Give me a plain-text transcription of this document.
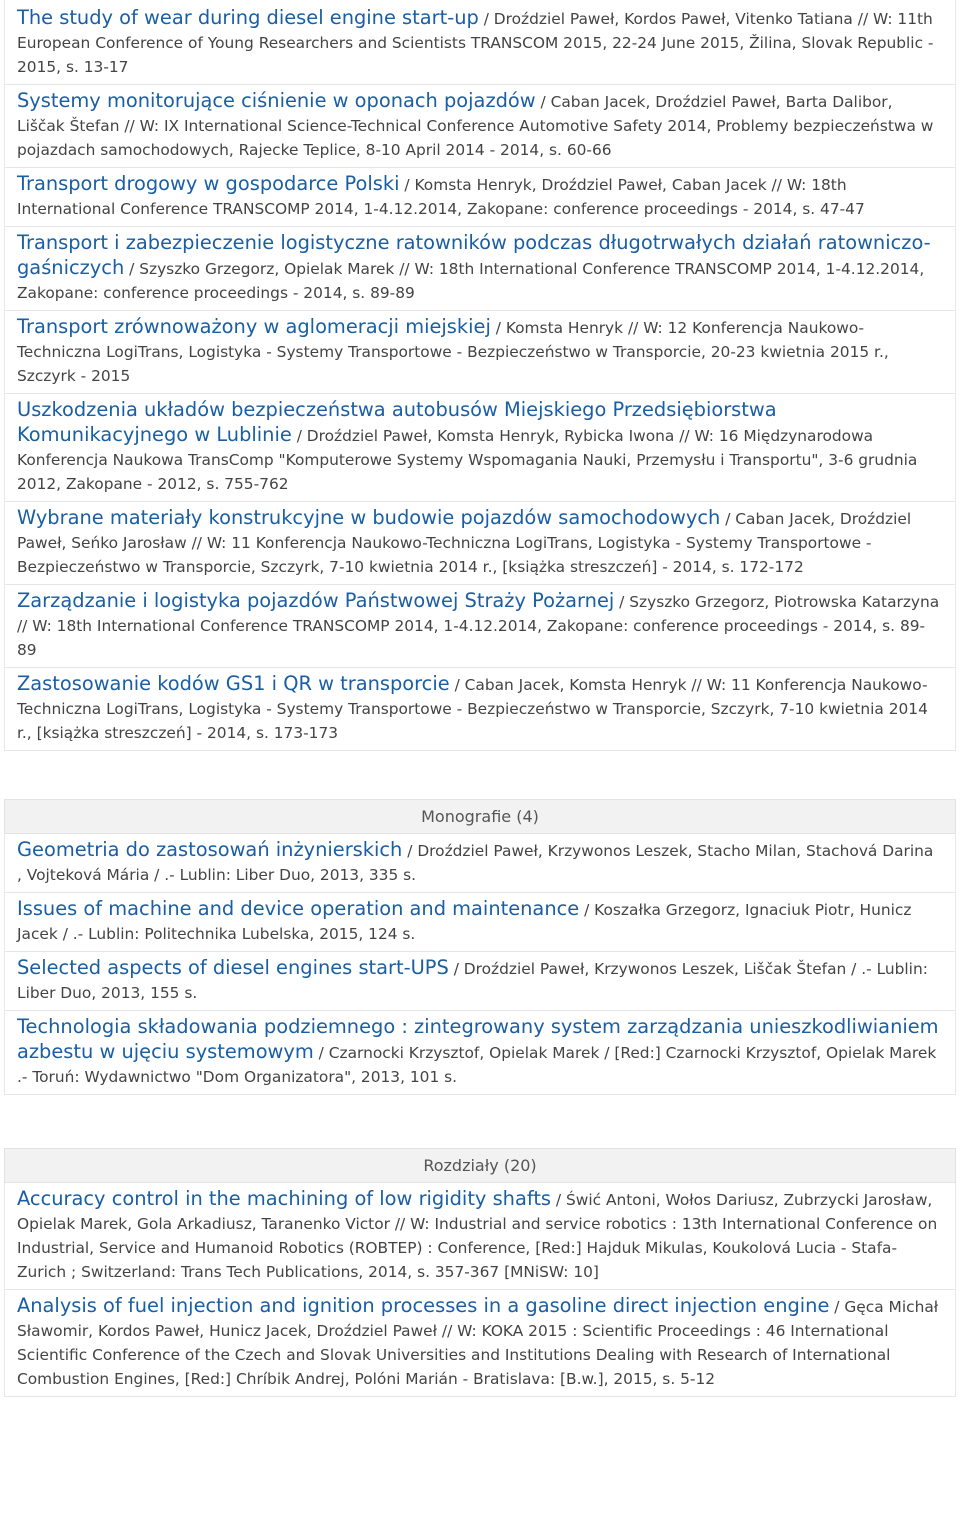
The study of wear during diesel engine start-up / Droździel Paweł, Kordos Paweł, Vitenko Tatiana // W: 11th European Conference of Young Researchers and Scientists TRANSCOM 2015, 22-24 June 2015, Žilina, Slovak Republic - 2015, s. 13-17
Systemy monitorujące ciśnienie w oponach pojazdów / Caban Jacek, Droździel Paweł, Barta Dalibor, Liščak Štefan // W: IX International Science-Technical Conference Automotive Safety 2014, Problemy bezpieczeństwa w pojazdach samochodowych, Rajecke Teplice, 8-10 April 2014 - 2014, s. 60-66
Transport drogowy w gospodarce Polski / Komsta Henryk, Droździel Paweł, Caban Jacek // W: 18th International Conference TRANSCOMP 2014, 1-4.12.2014, Zakopane: conference proceedings - 2014, s. 47-47
Transport i zabezpieczenie logistyczne ratowników podczas długotrwałych działań ratowniczo-gaśniczych / Szyszko Grzegorz, Opielak Marek // W: 18th International Conference TRANSCOMP 2014, 1-4.12.2014, Zakopane: conference proceedings - 2014, s. 89-89
Transport zrównoważony w aglomeracji miejskiej / Komsta Henryk // W: 12 Konferencja Naukowo-Techniczna LogiTrans, Logistyka - Systemy Transportowe - Bezpieczeństwo w Transporcie, 20-23 kwietnia 2015 r., Szczyrk - 2015
Uszkodzenia układów bezpieczeństwa autobusów Miejskiego Przedsiębiorstwa Komunikacyjnego w Lublinie / Droździel Paweł, Komsta Henryk, Rybicka Iwona // W: 16 Międzynarodowa Konferencja Naukowa TransComp "Komputerowe Systemy Wspomagania Nauki, Przemysłu i Transportu", 3-6 grudnia 2012, Zakopane - 2012, s. 755-762
Wybrane materiały konstrukcyjne w budowie pojazdów samochodowych / Caban Jacek, Droździel Paweł, Seńko Jarosław // W: 11 Konferencja Naukowo-Techniczna LogiTrans, Logistyka - Systemy Transportowe - Bezpieczeństwo w Transporcie, Szczyrk, 7-10 kwietnia 2014 r., [książka streszczeń] - 2014, s. 172-172
Zarządzanie i logistyka pojazdów Państwowej Straży Pożarnej / Szyszko Grzegorz, Piotrowska Katarzyna // W: 18th International Conference TRANSCOMP 2014, 1-4.12.2014, Zakopane: conference proceedings - 2014, s. 89-89
Zastosowanie kodów GS1 i QR w transporcie / Caban Jacek, Komsta Henryk // W: 11 Konferencja Naukowo-Techniczna LogiTrans, Logistyka - Systemy Transportowe - Bezpieczeństwo w Transporcie, Szczyrk, 7-10 kwietnia 2014 r., [książka streszczeń] - 2014, s. 173-173
Monografie (4)
Geometria do zastosowań inżynierskich / Droździel Paweł, Krzywonos Leszek, Stacho Milan, Stachová Darina , Vojteková Mária / .- Lublin: Liber Duo, 2013, 335 s.
Issues of machine and device operation and maintenance / Koszałka Grzegorz, Ignaciuk Piotr, Hunicz Jacek / .- Lublin: Politechnika Lubelska, 2015, 124 s.
Selected aspects of diesel engines start-UPS / Droździel Paweł, Krzywonos Leszek, Liščak Štefan / .- Lublin: Liber Duo, 2013, 155 s.
Technologia składowania podziemnego : zintegrowany system zarządzania unieszkodliwianiem azbestu w ujęciu systemowym / Czarnocki Krzysztof, Opielak Marek / [Red:] Czarnocki Krzysztof, Opielak Marek .- Toruń: Wydawnictwo "Dom Organizatora", 2013, 101 s.
Rozdziały (20)
Accuracy control in the machining of low rigidity shafts / Świć Antoni, Wołos Dariusz, Zubrzycki Jarosław, Opielak Marek, Gola Arkadiusz, Taranenko Victor // W: Industrial and service robotics : 13th International Conference on Industrial, Service and Humanoid Robotics (ROBTEP) : Conference, [Red:] Hajduk Mikulas, Koukolová Lucia - Stafa-Zurich ; Switzerland: Trans Tech Publications, 2014, s. 357-367 [MNiSW: 10]
Analysis of fuel injection and ignition processes in a gasoline direct injection engine / Gęca Michał Sławomir, Kordos Paweł, Hunicz Jacek, Droździel Paweł // W: KOKA 2015 : Scientific Proceedings : 46 International Scientific Conference of the Czech and Slovak Universities and Institutions Dealing with Research of International Combustion Engines, [Red:] Chríbik Andrej, Polóni Marián - Bratislava: [B.w.], 2015, s. 5-12
